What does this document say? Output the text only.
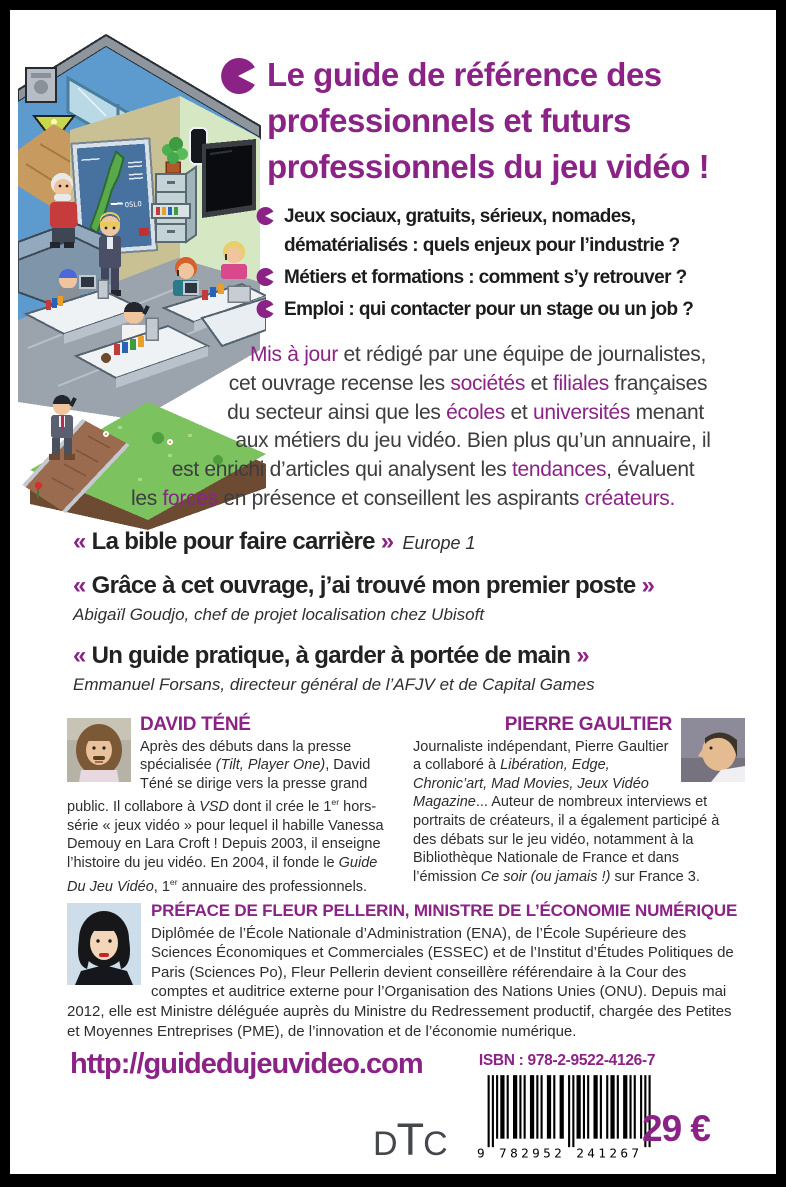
OSLO
Le guide de référence des
professionnels et futurs
professionnels du jeu vidéo !
Jeux sociaux, gratuits, sérieux, nomades, dématérialisés : quels enjeux pour l’industrie ?
Métiers et formations : comment s’y retrouver ?
Emploi : qui contacter pour un stage ou un job ?
Mis à jour et rédigé par une équipe de journalistes,
cet ouvrage recense les sociétés et filiales françaises
du secteur ainsi que les écoles et universités menant
aux métiers du jeu vidéo. Bien plus qu’un annuaire, il
est enrichi d’articles qui analysent les tendances, évaluent
les forces en présence et conseillent les aspirants créateurs.
« La bible pour faire carrière » Europe 1
« Grâce à cet ouvrage, j’ai trouvé mon premier poste »
Abigaïl Goudjo, chef de projet localisation chez Ubisoft
« Un guide pratique, à garder à portée de main »
Emmanuel Forsans, directeur général de l’AFJV et de Capital Games
DAVID TÉNÉ

Après des débuts dans la presse spécialisée (Tilt, Player One), David Téné se dirige vers la presse grand public. Il collabore à VSD dont il crée le 1er hors-série « jeux vidéo » pour lequel il habille Vanessa Demouy en Lara Croft ! Depuis 2003, il enseigne l’histoire du jeu vidéo. En 2004, il fonde le Guide Du Jeu Vidéo, 1er annuaire des professionnels.

PIERRE GAULTIER

Journaliste indépendant, Pierre Gaultier a collaboré à Libération, Edge, Chronic’art, Mad Movies, Jeux Vidéo Magazine... Auteur de nombreux interviews et portraits de créateurs, il a également participé à des débats sur le jeu vidéo, notamment à la Bibliothèque Nationale de France et dans l’émission Ce soir (ou jamais !) sur France 3.

PRÉFACE DE FLEUR PELLERIN, MINISTRE DE L’ÉCONOMIE NUMÉRIQUE

Diplômée de l’École Nationale d’Administration (ENA), de l’École Supérieure des Sciences Économiques et Commerciales (ESSEC) et de l’Institut d’Études Politiques de Paris (Sciences Po), Fleur Pellerin devient conseillère référendaire à la Cour des comptes et auditrice externe pour l’Organisation des Nations Unies (ONU). Depuis mai 2012, elle est Ministre déléguée auprès du Ministre du Redressement productif, chargée des Petites et Moyennes Entreprises (PME), de l’innovation et de l’économie numérique.

http://guidedujeuvideo.com	ISBN : 978-2-9522-4126-7
9 782952 241267
D T C	29 €
